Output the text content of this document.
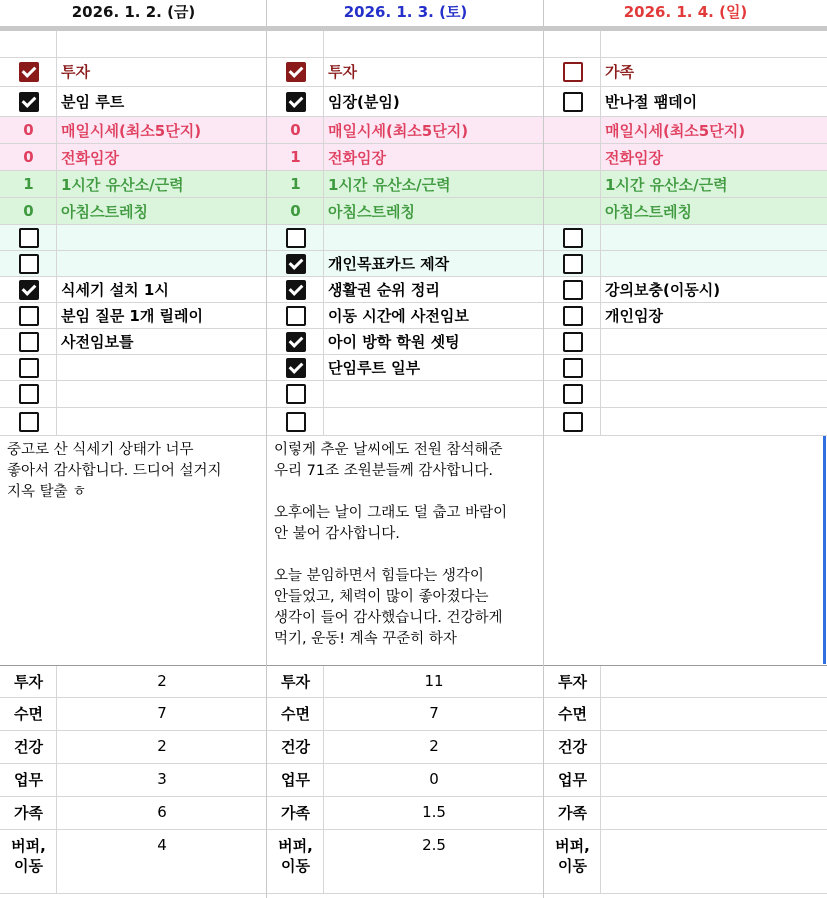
2026. 1. 2. (금)
투자
분임 루트
0	매일시세(최소5단지)
0	전화임장
1	1시간 유산소/근력
0	아침스트레칭
식세기 설치 1시
분임 질문 1개 릴레이
사전임보틀
중고로 산 식세기 상태가 너무
좋아서 감사합니다. 드디어 설거지
지옥 탈출 ㅎ
투자	2
수면	7
건강	2
업무	3
가족	6
버퍼,
이동
4
2026. 1. 3. (토)
투자
임장(분임)
0	매일시세(최소5단지)
1	전화임장
1	1시간 유산소/근력
0	아침스트레칭
개인목표카드 제작
생활권 순위 정리
이동 시간에 사전임보
아이 방학 학원 셋팅
단임루트 일부
이렇게 추운 날씨에도 전원 참석해준
우리 71조 조원분들께 감사합니다.

오후에는 날이 그래도 덜 춥고 바람이
안 불어 감사합니다.

오늘 분임하면서 힘들다는 생각이
안들었고, 체력이 많이 좋아졌다는
생각이 들어 감사했습니다. 건강하게
먹기, 운동! 계속 꾸준히 하자
투자	11
수면	7
건강	2
업무	0
가족	1.5
버퍼,
이동
2.5
2026. 1. 4. (일)
가족
반나절 팸데이
매일시세(최소5단지)
전화임장
1시간 유산소/근력
아침스트레칭
강의보충(이동시)
개인임장
투자
수면
건강
업무
가족
버퍼,
이동
